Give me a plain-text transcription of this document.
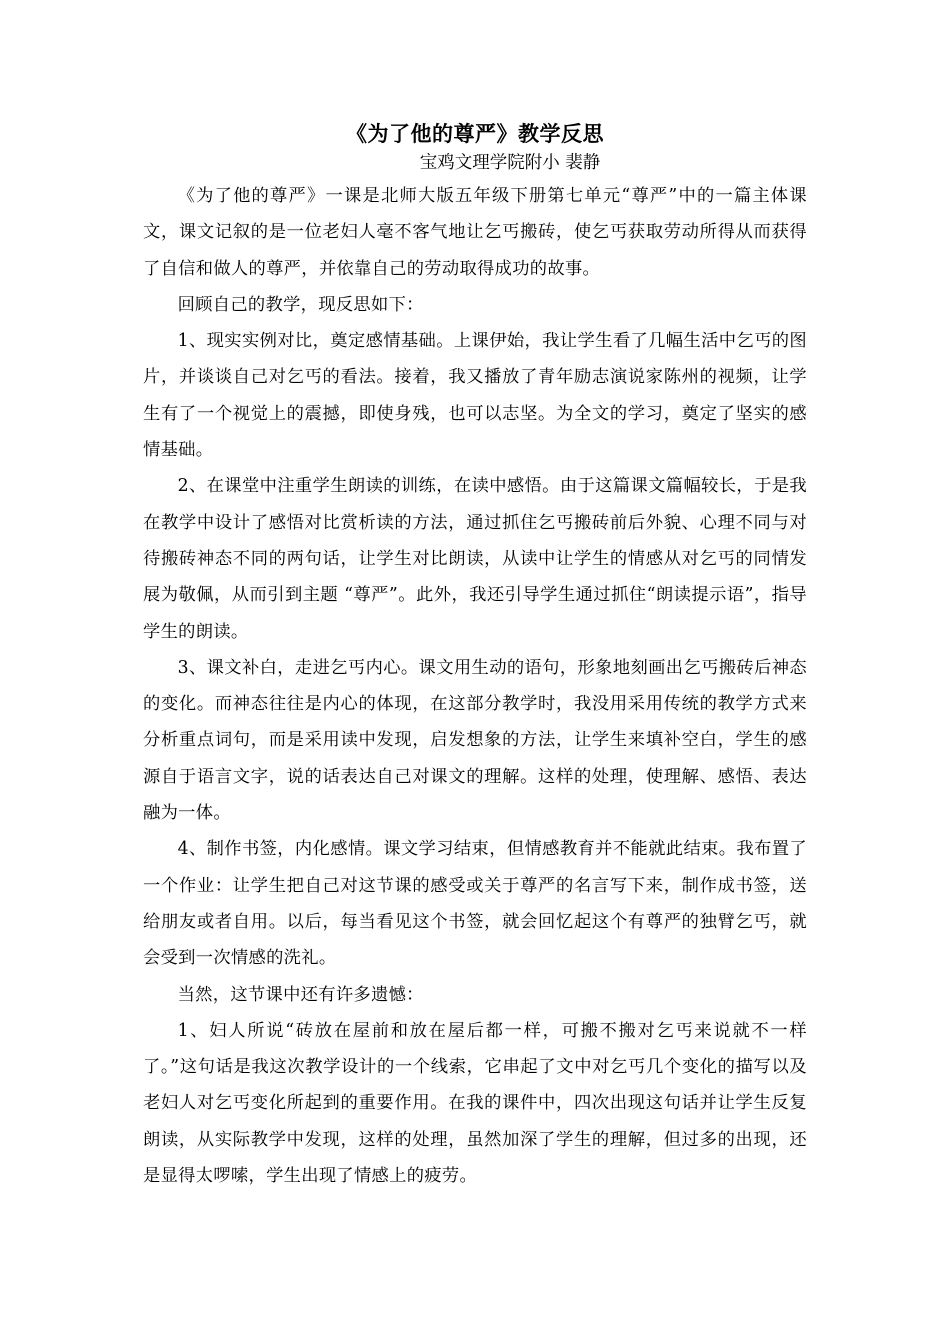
《为了他的尊严》教学反思
宝鸡文理学院附小 裴静

《为了他的尊严》一课是北师大版五年级下册第七单元“尊严”中的一篇主体课文，课文记叙的是一位老妇人毫不客气地让乞丐搬砖，使乞丐获取劳动所得从而获得了自信和做人的尊严，并依靠自己的劳动取得成功的故事。

回顾自己的教学，现反思如下：

1、现实实例对比，奠定感情基础。上课伊始，我让学生看了几幅生活中乞丐的图片，并谈谈自己对乞丐的看法。接着，我又播放了青年励志演说家陈州的视频，让学生有了一个视觉上的震撼，即使身残，也可以志坚。为全文的学习，奠定了坚实的感情基础。

2、在课堂中注重学生朗读的训练，在读中感悟。由于这篇课文篇幅较长，于是我在教学中设计了感悟对比赏析读的方法，通过抓住乞丐搬砖前后外貌、心理不同与对待搬砖神态不同的两句话，让学生对比朗读，从读中让学生的情感从对乞丐的同情发展为敬佩，从而引到主题 “尊严”。此外，我还引导学生通过抓住“朗读提示语”，指导学生的朗读。

3、课文补白，走进乞丐内心。课文用生动的语句，形象地刻画出乞丐搬砖后神态的变化。而神态往往是内心的体现，在这部分教学时，我没用采用传统的教学方式来分析重点词句，而是采用读中发现，启发想象的方法，让学生来填补空白，学生的感源自于语言文字，说的话表达自己对课文的理解。这样的处理，使理解、感悟、表达融为一体。

4、制作书签，内化感情。课文学习结束，但情感教育并不能就此结束。我布置了一个作业：让学生把自己对这节课的感受或关于尊严的名言写下来，制作成书签，送给朋友或者自用。以后，每当看见这个书签，就会回忆起这个有尊严的独臂乞丐，就会受到一次情感的洗礼。

当然，这节课中还有许多遗憾：

1、妇人所说“砖放在屋前和放在屋后都一样，可搬不搬对乞丐来说就不一样了。”这句话是我这次教学设计的一个线索，它串起了文中对乞丐几个变化的描写以及老妇人对乞丐变化所起到的重要作用。在我的课件中，四次出现这句话并让学生反复朗读，从实际教学中发现，这样的处理，虽然加深了学生的理解，但过多的出现，还是显得太啰嗦，学生出现了情感上的疲劳。
